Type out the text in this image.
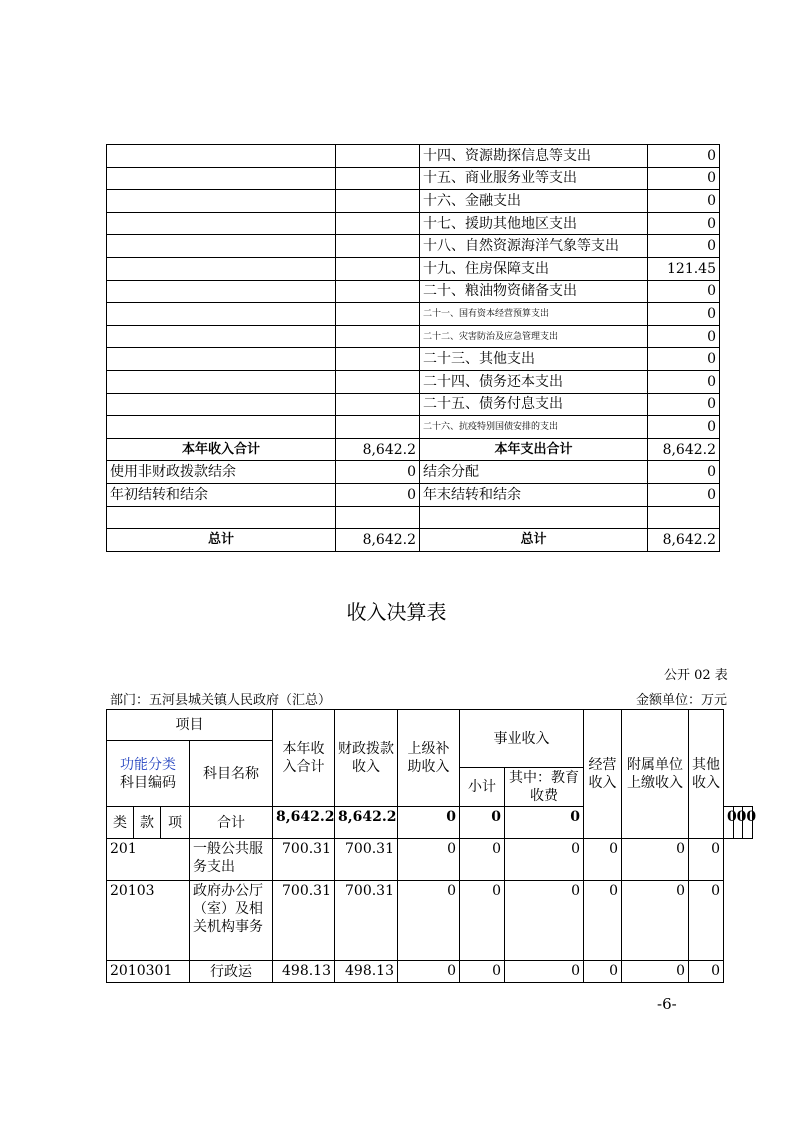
		十四、资源勘探信息等支出	0
		十五、商业服务业等支出	0
		十六、金融支出	0
		十七、援助其他地区支出	0
		十八、自然资源海洋气象等支出	0
		十九、住房保障支出	121.45
		二十、粮油物资储备支出	0
		二十一、国有资本经营预算支出	0
		二十二、灾害防治及应急管理支出	0
		二十三、其他支出	0
		二十四、债务还本支出	0
		二十五、债务付息支出	0
		二十六、抗疫特别国债安排的支出	0
本年收入合计	8,642.2	本年支出合计	8,642.2
使用非财政拨款结余	0	结余分配	0
年初结转和结余	0	年末结转和结余	0

总计	8,642.2	总计	8,642.2
收入决算表
公开 02 表
部门：五河县城关镇人民政府（汇总）	金额单位：万元
项目				本年收入合计	财政拨款收入	上级补助收入	事业收入		经营收入	附属单位上缴收入	其他收入			
功能分类
科目编码			科目名称											
							小计	其中：教育收费						
类	款	项	合计	8,642.2	8,642.2	0	0	0				0	0	0
201			一般公共服务支出	700.31	700.31	0	0	0	0	0	0			
20103			政府办公厅（室）及相关机构事务	700.31	700.31	0	0	0	0	0	0			
2010301			行政运	498.13	498.13	0	0	0	0	0	0			
-6-
